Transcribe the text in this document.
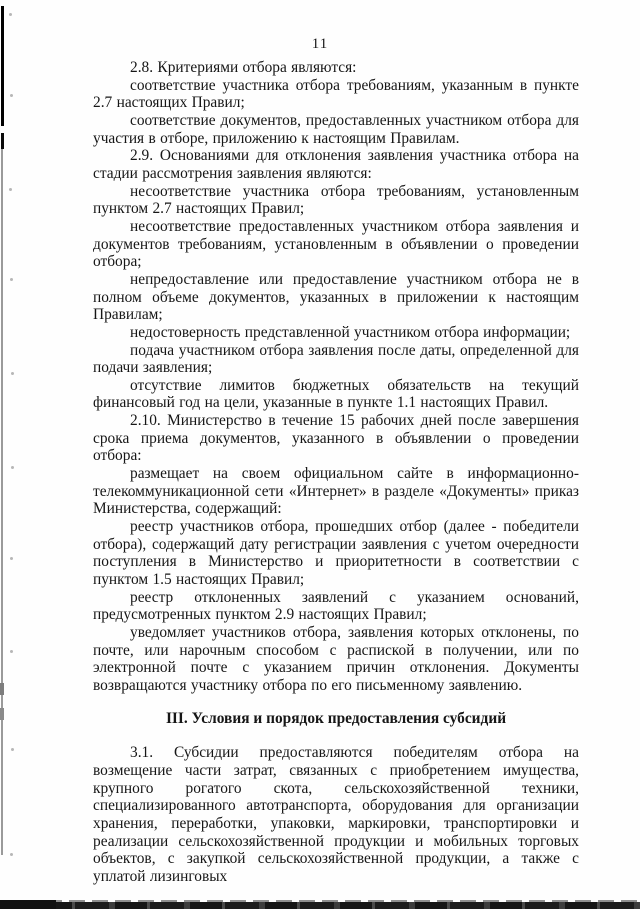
11

2.8. Критериями отбора являются:

соответствие участника отбора требованиям, указанным в пункте 2.7 настоящих Правил;

соответствие документов, предоставленных участником отбора для участия в отборе, приложению к настоящим Правилам.

2.9. Основаниями для отклонения заявления участника отбора на стадии рассмотрения заявления являются:

несоответствие участника отбора требованиям, установленным пунктом 2.7 настоящих Правил;

несоответствие предоставленных участником отбора заявления и документов требованиям, установленным в объявлении о проведении отбора;

непредоставление или предоставление участником отбора не в полном объеме документов, указанных в приложении к настоящим Правилам;

недостоверность представленной участником отбора информации;

подача участником отбора заявления после даты, определенной для подачи заявления;

отсутствие лимитов бюджетных обязательств на текущий финансовый год на цели, указанные в пункте 1.1 настоящих Правил.

2.10. Министерство в течение 15 рабочих дней после завершения срока приема документов, указанного в объявлении о проведении отбора:

размещает на своем официальном сайте в информационно-телекоммуникационной сети «Интернет» в разделе «Документы» приказ Министерства, содержащий:

реестр участников отбора, прошедших отбор (далее - победители отбора), содержащий дату регистрации заявления с учетом очередности поступления в Министерство и приоритетности в соответствии с пунктом 1.5 настоящих Правил;

реестр отклоненных заявлений с указанием оснований, предусмотренных пунктом 2.9 настоящих Правил;

уведомляет участников отбора, заявления которых отклонены, по почте, или нарочным способом с распиской в получении, или по электронной почте с указанием причин отклонения. Документы возвращаются участнику отбора по его письменному заявлению.

III. Условия и порядок предоставления субсидий

3.1. Субсидии предоставляются победителям отбора на возмещение части затрат, связанных с приобретением имущества, крупного рогатого скота, сельскохозяйственной техники, специализированного автотранспорта, оборудования для организации хранения, переработки, упаковки, маркировки, транспортировки и реализации сельскохозяйственной продукции и мобильных торговых объектов, с закупкой сельскохозяйственной продукции, а также с уплатой лизинговых
